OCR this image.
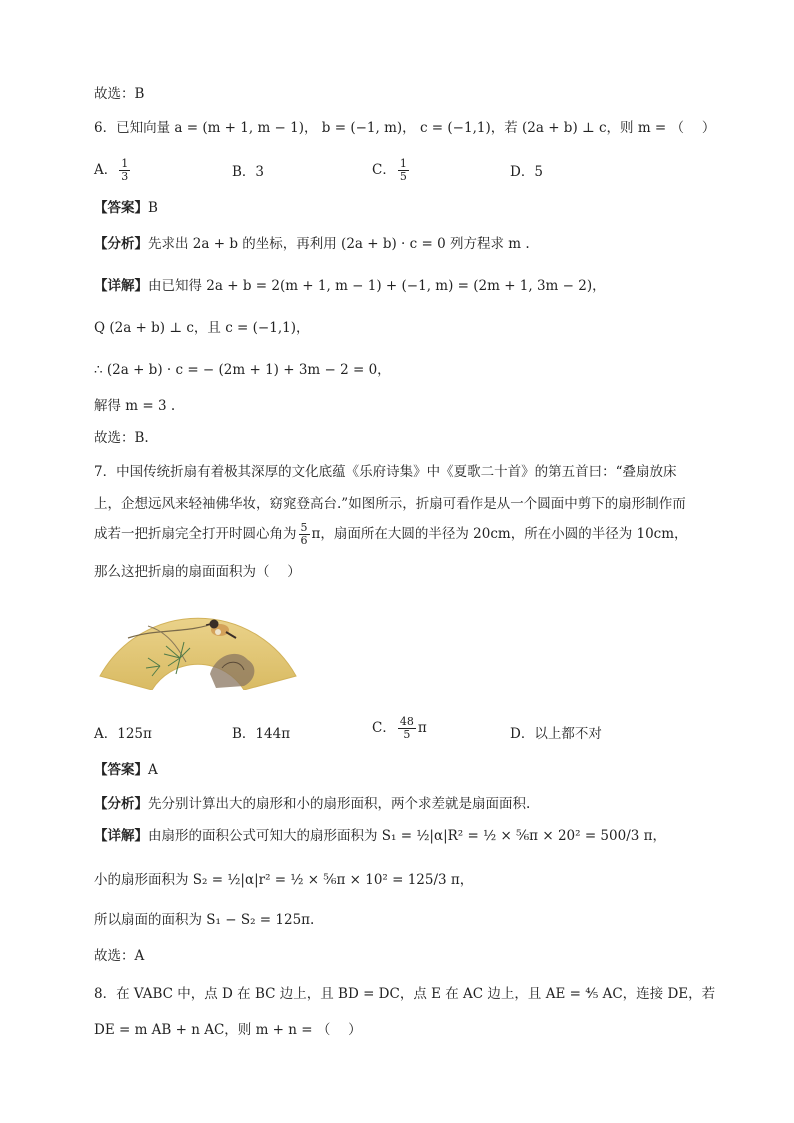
故选：B
6．已知向量 a = (m + 1, m − 1)， b = (−1, m)， c = (−1,1)，若 (2a + b) ⊥ c，则 m = （　 ）
A． $\frac{1}{3}$	B．3	C． $\frac{1}{5}$	D．5
【答案】B
【分析】先求出 2a + b 的坐标，再利用 (2a + b) · c = 0 列方程求 m .
【详解】由已知得 2a + b = 2(m + 1, m − 1) + (−1, m) = (2m + 1, 3m − 2)，
Q (2a + b) ⊥ c，且 c = (−1,1)，
∴ (2a + b) · c = − (2m + 1) + 3m − 2 = 0，
解得 m = 3 .
故选：B.
7．中国传统折扇有着极其深厚的文化底蕴《乐府诗集》中《夏歌二十首》的第五首曰：“叠扇放床
上，企想远风来轻袖佛华妆，窈窕登高台.”如图所示，折扇可看作是从一个圆面中剪下的扇形制作而
成若一把折扇完全打开时圆心角为 $\frac{5}{6}$ π，扇面所在大圆的半径为 20cm，所在小圆的半径为 10cm，
那么这把折扇的扇面面积为（　 ）
A．125π	B．144π	C． $\frac{48}{5}$ π	D．以上都不对
【答案】A
【分析】先分别计算出大的扇形和小的扇形面积，两个求差就是扇面面积.
【详解】由扇形的面积公式可知大的扇形面积为 S₁ = ½|α|R² = ½ × ⅚π × 20² = 500/3 π，
小的扇形面积为 S₂ = ½|α|r² = ½ × ⅚π × 10² = 125/3 π，
所以扇面的面积为 S₁ − S₂ = 125π.
故选：A
8．在 VABC 中，点 D 在 BC 边上，且 BD = DC，点 E 在 AC 边上，且 AE = ⅘ AC，连接 DE，若
DE = m AB + n AC，则 m + n = （　 ）
